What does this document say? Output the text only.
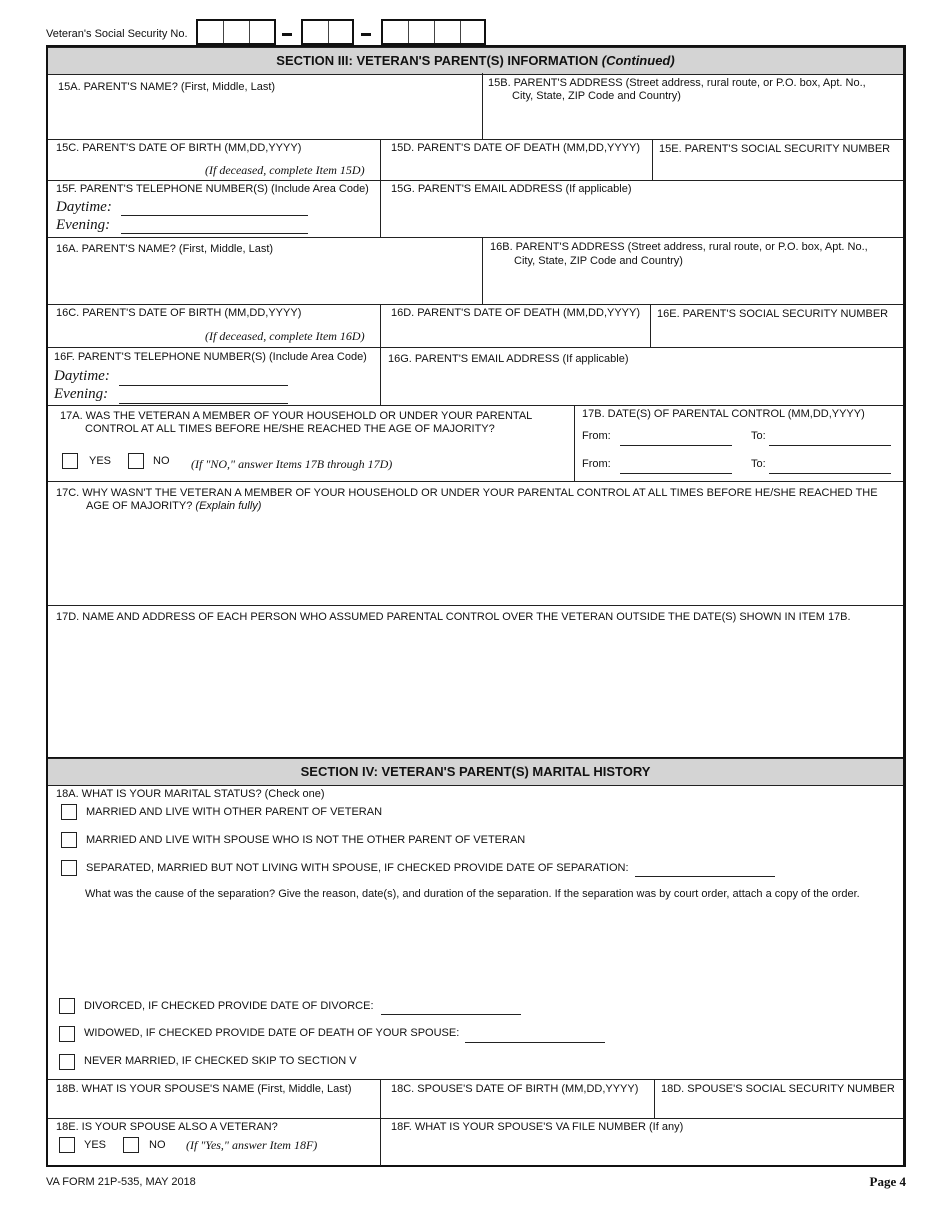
Veteran's Social Security No.
SECTION III: VETERAN'S PARENT(S) INFORMATION (Continued)
15A. PARENT'S NAME? (First, Middle, Last)	15B. PARENT'S ADDRESS (Street address, rural route, or P.O. box, Apt. No.,
City, State, ZIP Code and Country)
15C. PARENT'S DATE OF BIRTH (MM,DD,YYYY)
(If deceased, complete Item 15D)
15D. PARENT'S DATE OF DEATH (MM,DD,YYYY) 15E. PARENT'S SOCIAL SECURITY NUMBER
15F. PARENT'S TELEPHONE NUMBER(S) (Include Area Code)
Daytime:
Evening:
15G. PARENT'S EMAIL ADDRESS (If applicable)
16A. PARENT'S NAME? (First, Middle, Last)	16B. PARENT'S ADDRESS (Street address, rural route, or P.O. box, Apt. No.,
City, State, ZIP Code and Country)
16C. PARENT'S DATE OF BIRTH (MM,DD,YYYY)
(If deceased, complete Item 16D)
16D. PARENT'S DATE OF DEATH (MM,DD,YYYY) 16E. PARENT'S SOCIAL SECURITY NUMBER
16F. PARENT'S TELEPHONE NUMBER(S) (Include Area Code)
Daytime:
Evening:
16G. PARENT'S EMAIL ADDRESS (If applicable)
17A. WAS THE VETERAN A MEMBER OF YOUR HOUSEHOLD OR UNDER YOUR PARENTAL
CONTROL AT ALL TIMES BEFORE HE/SHE REACHED THE AGE OF MAJORITY?
YES	NO (If "NO," answer Items 17B through 17D)
17B. DATE(S) OF PARENTAL CONTROL (MM,DD,YYYY)
From:	To:
From:	To:
17C. WHY WASN'T THE VETERAN A MEMBER OF YOUR HOUSEHOLD OR UNDER YOUR PARENTAL CONTROL AT ALL TIMES BEFORE HE/SHE REACHED THE
AGE OF MAJORITY? (Explain fully)
17D. NAME AND ADDRESS OF EACH PERSON WHO ASSUMED PARENTAL CONTROL OVER THE VETERAN OUTSIDE THE DATE(S) SHOWN IN ITEM 17B.
SECTION IV: VETERAN'S PARENT(S) MARITAL HISTORY
18A. WHAT IS YOUR MARITAL STATUS? (Check one)
MARRIED AND LIVE WITH OTHER PARENT OF VETERAN
MARRIED AND LIVE WITH SPOUSE WHO IS NOT THE OTHER PARENT OF VETERAN
SEPARATED, MARRIED BUT NOT LIVING WITH SPOUSE, IF CHECKED PROVIDE DATE OF SEPARATION:
What was the cause of the separation? Give the reason, date(s), and duration of the separation. If the separation was by court order, attach a copy of the order.
DIVORCED, IF CHECKED PROVIDE DATE OF DIVORCE:
WIDOWED, IF CHECKED PROVIDE DATE OF DEATH OF YOUR SPOUSE:
NEVER MARRIED, IF CHECKED SKIP TO SECTION V
18B. WHAT IS YOUR SPOUSE'S NAME (First, Middle, Last)	18C. SPOUSE'S DATE OF BIRTH (MM,DD,YYYY) 18D. SPOUSE'S SOCIAL SECURITY NUMBER
18E. IS YOUR SPOUSE ALSO A VETERAN?
YES	NO (If "Yes," answer Item 18F)
18F. WHAT IS YOUR SPOUSE'S VA FILE NUMBER (If any)
VA FORM 21P-535, MAY 2018	Page 4
